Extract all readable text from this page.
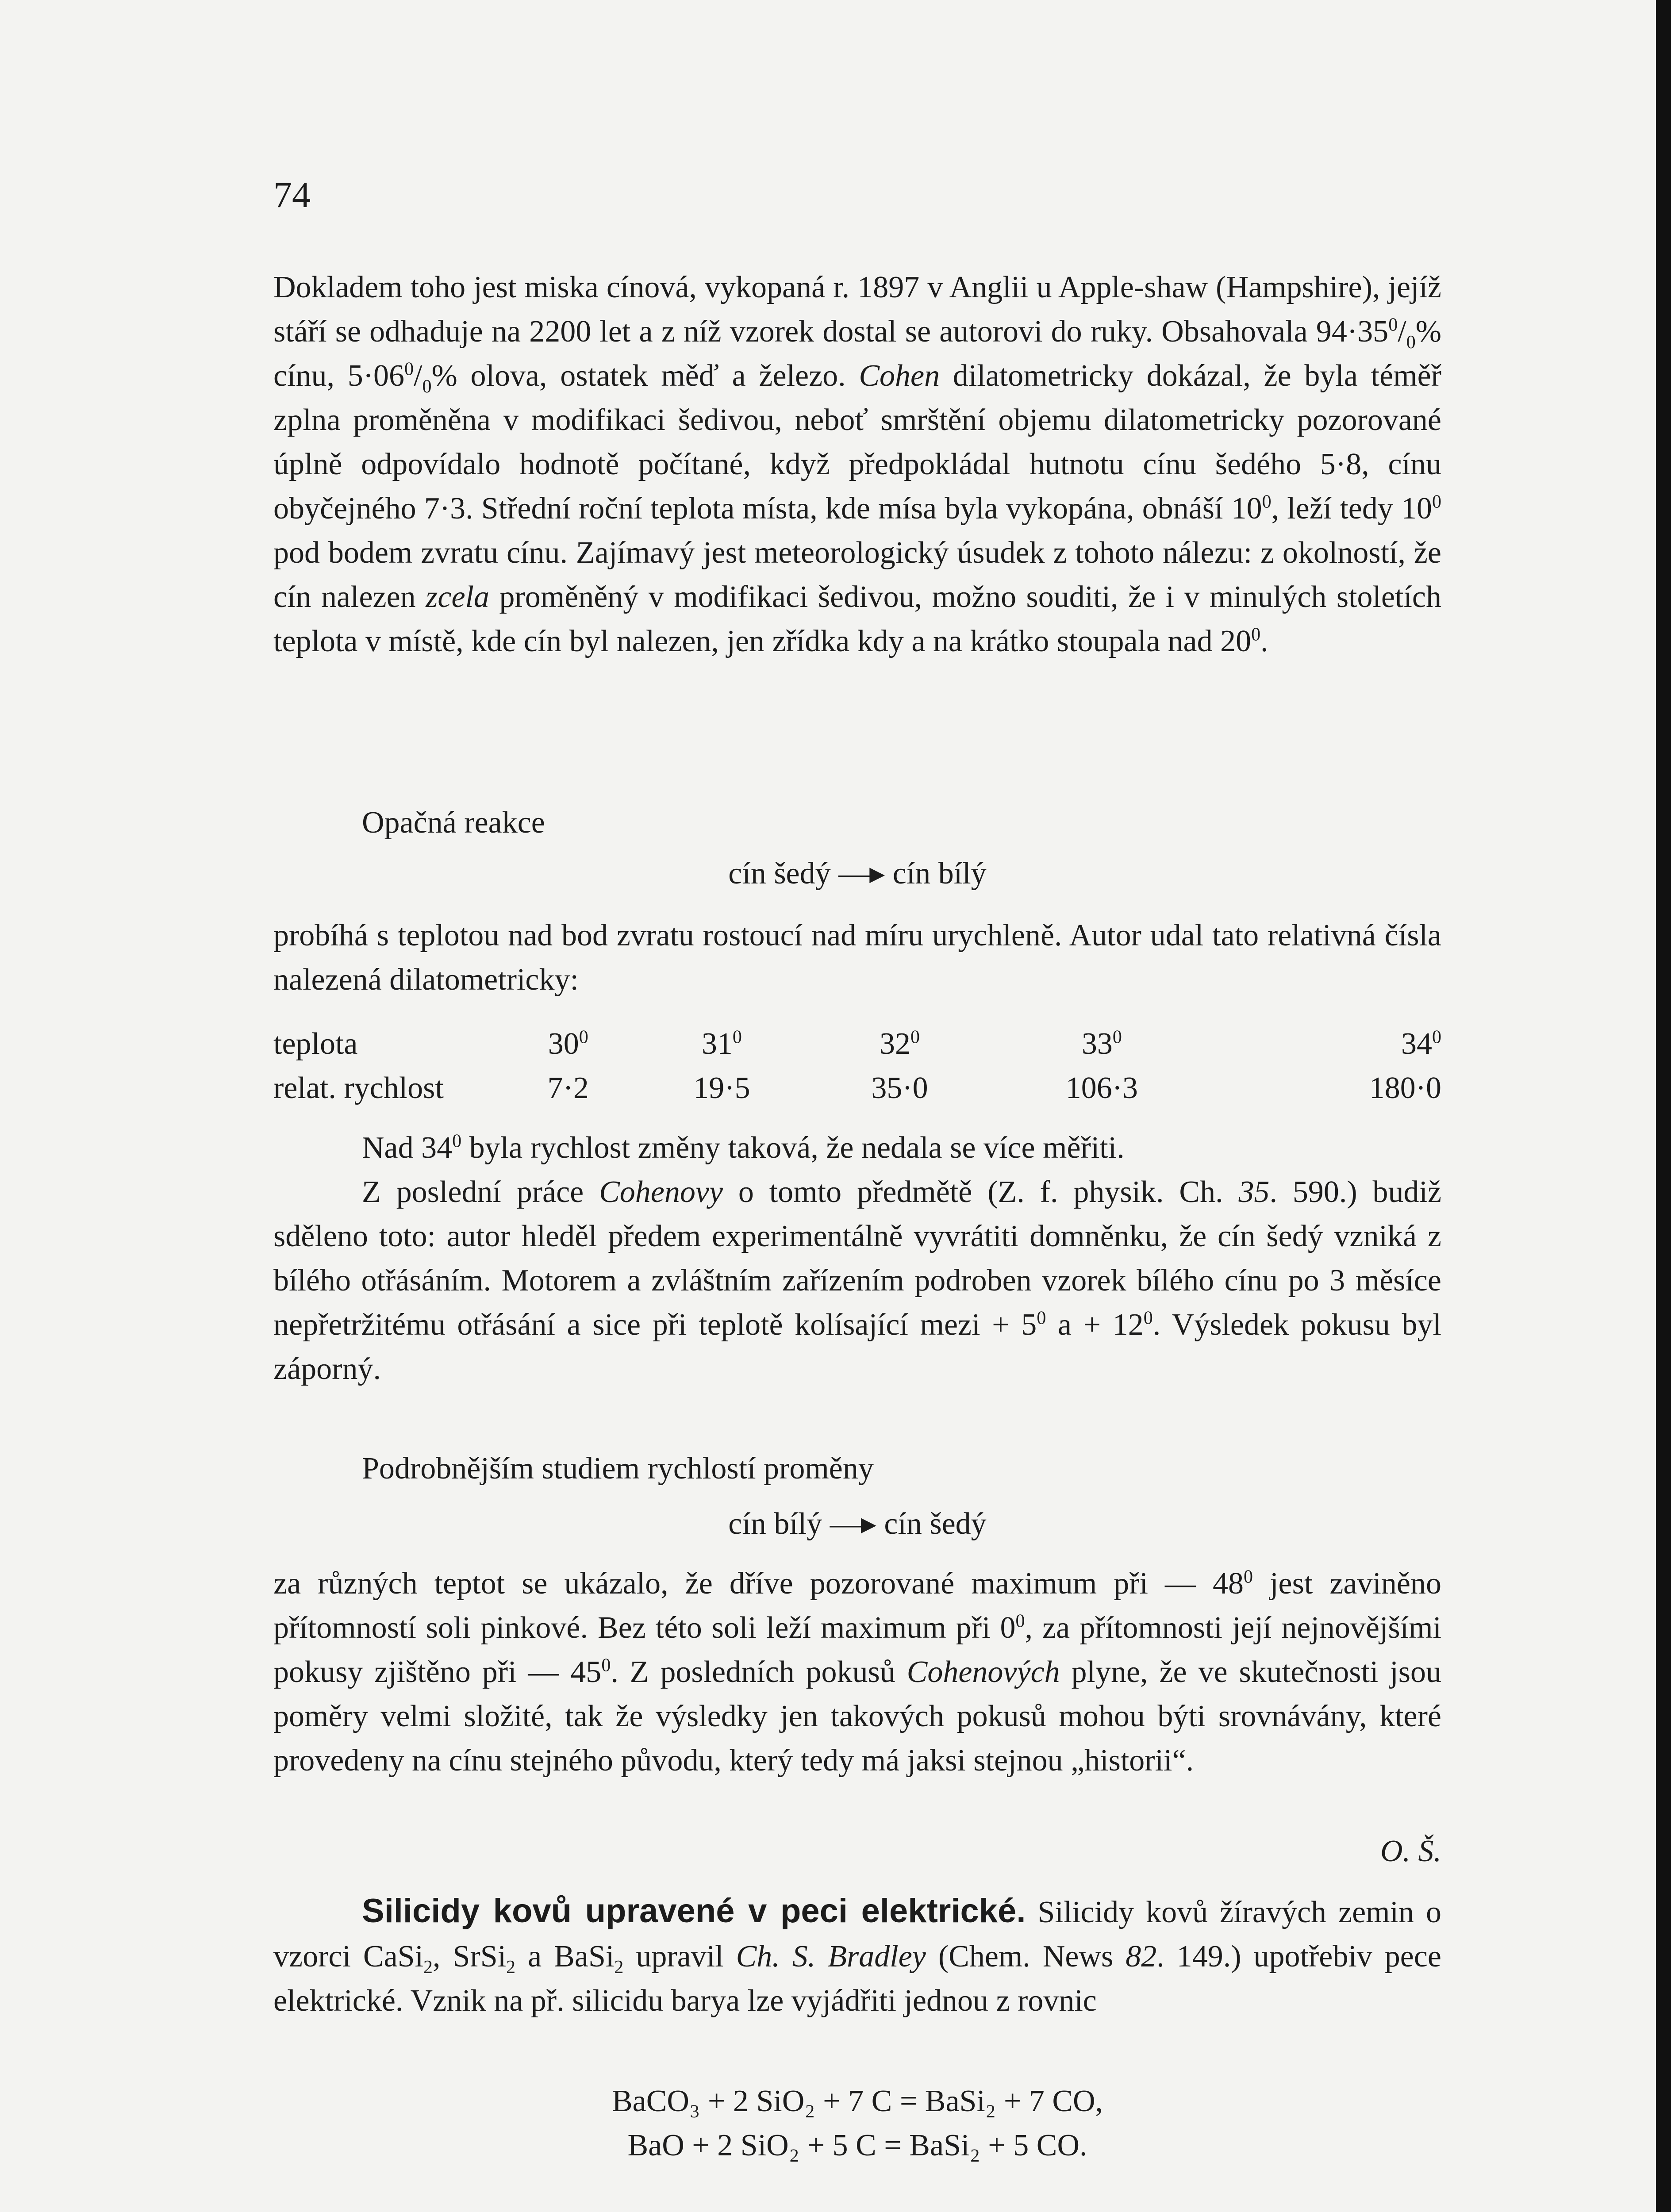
74

Dokladem toho jest miska cínová, vykopaná r. 1897 v Anglii u Apple-shaw (Hampshire), jejíž stáří se odhaduje na 2200 let a z níž vzorek dostal se autorovi do ruky. Obsahovala $94\cdot 35^0/_0\%$ cínu, $5\cdot 06^0/_0\%$ olova, ostatek měď a železo. Cohen dilatometricky dokázal, že byla téměř zplna proměněna v modifikaci šedivou, neboť smrštění objemu dilatometricky pozorované úplně odpovídalo hodnotě počítané, když předpokládal hutnotu cínu šedého 5·8, cínu obyčejného 7·3. Střední roční teplota místa, kde mísa byla vykopána, obnáší $10^0$, leží tedy $10^0$ pod bodem zvratu cínu. Zajímavý jest meteorologický úsudek z tohoto nálezu: z okolností, že cín nalezen zcela proměněný v modifikaci šedivou, možno souditi, že i v minulých stoletích teplota v místě, kde cín byl nalezen, jen zřídka kdy a na krátko stoupala nad $20^0$.

Opačná reakce

cín šedý —▸ cín bílý

probíhá s teplotou nad bod zvratu rostoucí nad míru urychleně. Autor udal tato relativná čísla nalezená dilatometricky:

teplota	$30^0$	$31^0$	$32^0$	$33^0$	$34^0$
relat. rychlost	7·2	19·5	35·0	106·3	180·0

Nad $34^0$ byla rychlost změny taková, že nedala se více měřiti.

Z poslední práce Cohenovy o tomto předmětě (Z. f. physik. Ch. 35. 590.) budiž sděleno toto: autor hleděl předem experimentálně vyvrátiti domněnku, že cín šedý vzniká z bílého otřásáním. Motorem a zvláštním zařízením podroben vzorek bílého cínu po 3 měsíce nepřetržitému otřásání a sice při teplotě kolísající mezi + $5^0$ $a + 12^0$. Výsledek pokusu byl záporný.

Podrobnějším studiem rychlostí proměny

cín bílý —▸ cín šedý

za různých teptot se ukázalo, že dříve pozorované maximum při — $48^0$ jest zaviněno přítomností soli pinkové. Bez této soli leží maximum při $0^0$, za přítomnosti její nejnovějšími pokusy zjištěno při — $45^0$. Z posledních pokusů Cohenových plyne, že ve skutečnosti jsou poměry velmi složité, tak že výsledky jen takových pokusů mohou býti srovnávány, které provedeny na cínu stejného původu, který tedy má jaksi stejnou „historii“.

O. Š.

Silicidy kovů upravené v peci elektrické. Silicidy kovů žíravých zemin o vzorci CaSi$_2$, SrSi$_2$ a BaSi$_2$ upravil Ch. S. Bradley (Chem. News 82. 149.) upotřebiv pece elektrické. Vznik na př. silicidu baryа lze vyjádřiti jednou z rovnic

BaCO₃ + 2 SiO₂ + 7 C = BaSi₂ + 7 CO,

BaO + 2 SiO₂ + 5 C = BaSi₂ + 5 CO.
